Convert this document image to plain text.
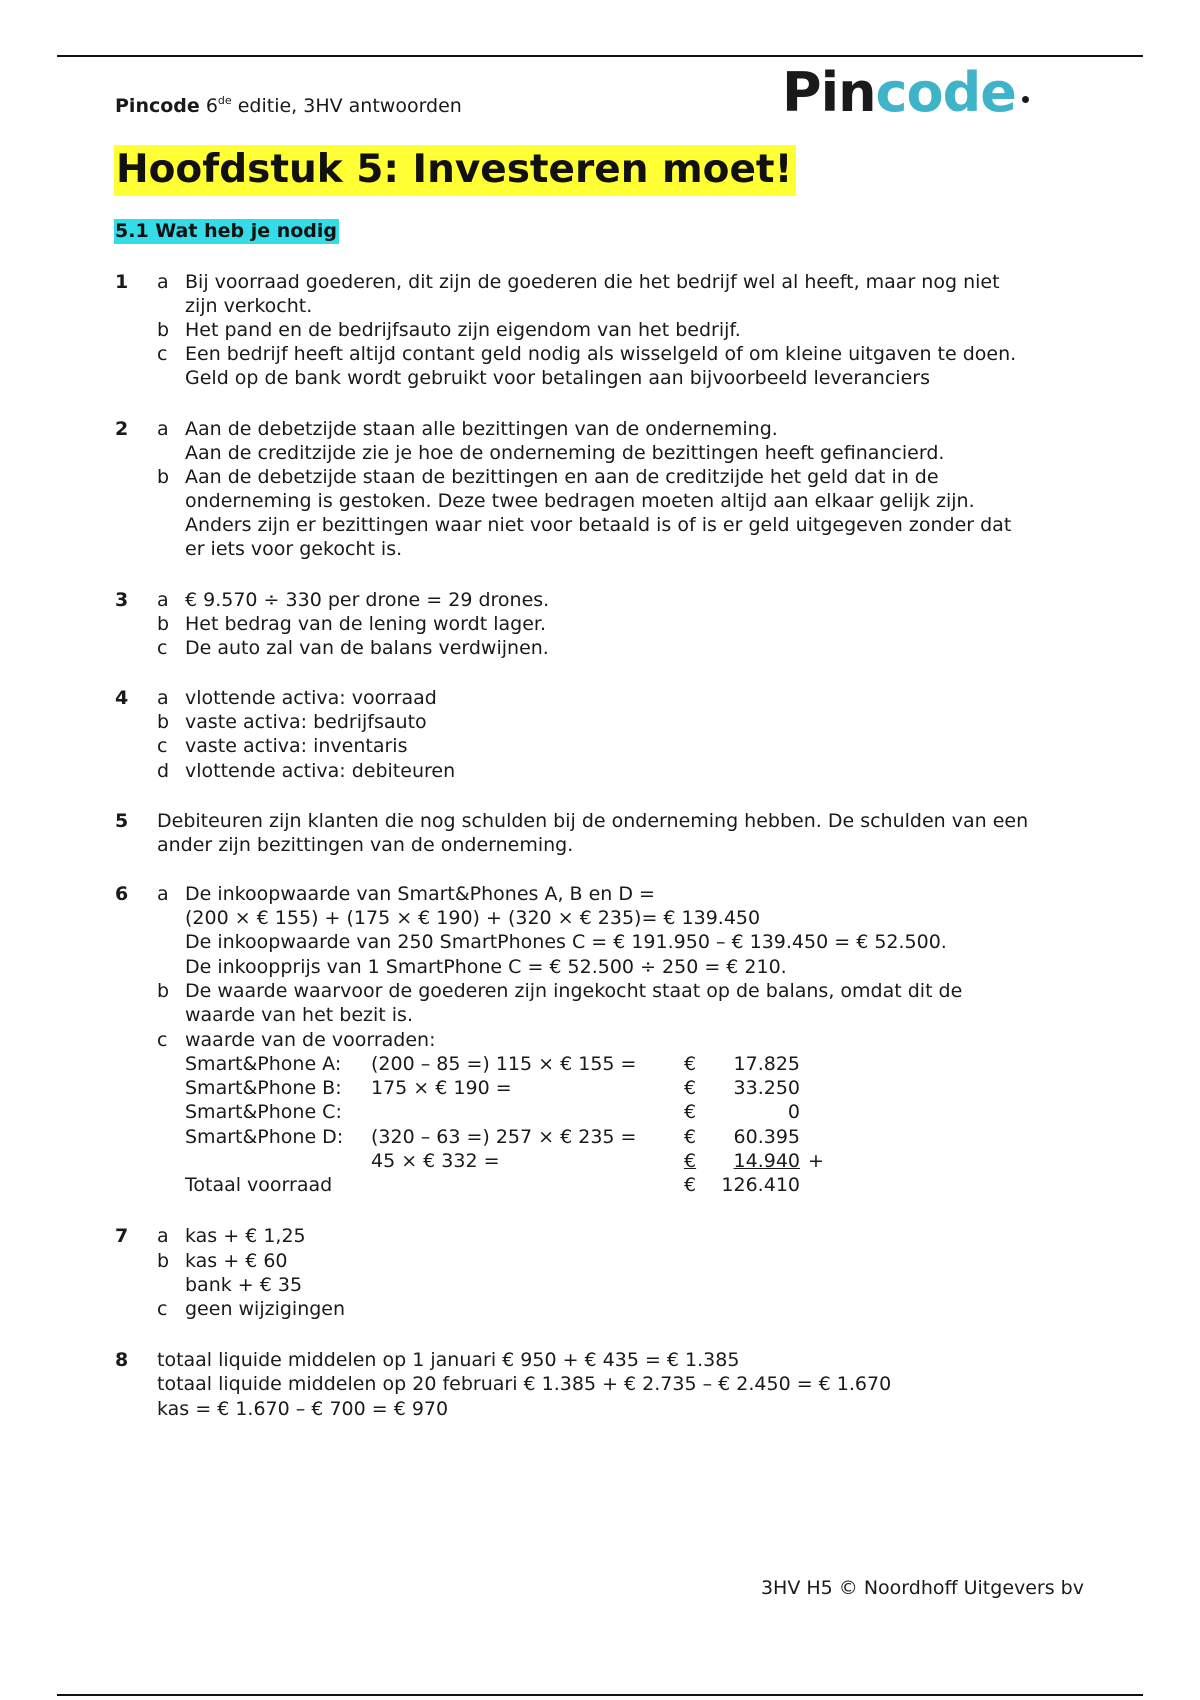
Pincode 6de editie, 3HV antwoorden	Pin code
Hoofdstuk 5: Investeren moet!
5.1 Wat heb je nodig
1 a Bij voorraad goederen, dit zijn de goederen die het bedrijf wel al heeft, maar nog niet
zijn verkocht.
b Het pand en de bedrijfsauto zijn eigendom van het bedrijf.
c Een bedrijf heeft altijd contant geld nodig als wisselgeld of om kleine uitgaven te doen.
Geld op de bank wordt gebruikt voor betalingen aan bijvoorbeeld leveranciers
2 a Aan de debetzijde staan alle bezittingen van de onderneming.
Aan de creditzijde zie je hoe de onderneming de bezittingen heeft gefinancierd.
b Aan de debetzijde staan de bezittingen en aan de creditzijde het geld dat in de
onderneming is gestoken. Deze twee bedragen moeten altijd aan elkaar gelijk zijn.
Anders zijn er bezittingen waar niet voor betaald is of is er geld uitgegeven zonder dat
er iets voor gekocht is.
3 a € 9.570 ÷ 330 per drone = 29 drones.
b Het bedrag van de lening wordt lager.
c De auto zal van de balans verdwijnen.
4 a vlottende activa: voorraad
b vaste activa: bedrijfsauto
c vaste activa: inventaris
d vlottende activa: debiteuren
5 Debiteuren zijn klanten die nog schulden bij de onderneming hebben. De schulden van een
ander zijn bezittingen van de onderneming.
6 a De inkoopwaarde van Smart&Phones A, B en D =
(200 × € 155) + (175 × € 190) + (320 × € 235)= € 139.450
De inkoopwaarde van 250 SmartPhones C = € 191.950 – € 139.450 = € 52.500.
De inkoopprijs van 1 SmartPhone C = € 52.500 ÷ 250 = € 210.
b De waarde waarvoor de goederen zijn ingekocht staat op de balans, omdat dit de
waarde van het bezit is.
c waarde van de voorraden:
Smart&Phone A: (200 – 85 =) 115 × € 155 =	€	17.825
Smart&Phone B: 175 × € 190 =	€	33.250
Smart&Phone C:	€	0
Smart&Phone D: (320 – 63 =) 257 × € 235 =	€	60.395
45 × € 332 =	€	14.940 +
Totaal voorraad	€	126.410
7 a kas + € 1,25
b kas + € 60
bank + € 35
c geen wijzigingen
8 totaal liquide middelen op 1 januari € 950 + € 435 = € 1.385
totaal liquide middelen op 20 februari € 1.385 + € 2.735 – € 2.450 = € 1.670
kas = € 1.670 – € 700 = € 970
3HV H5 © Noordhoff Uitgevers bv
